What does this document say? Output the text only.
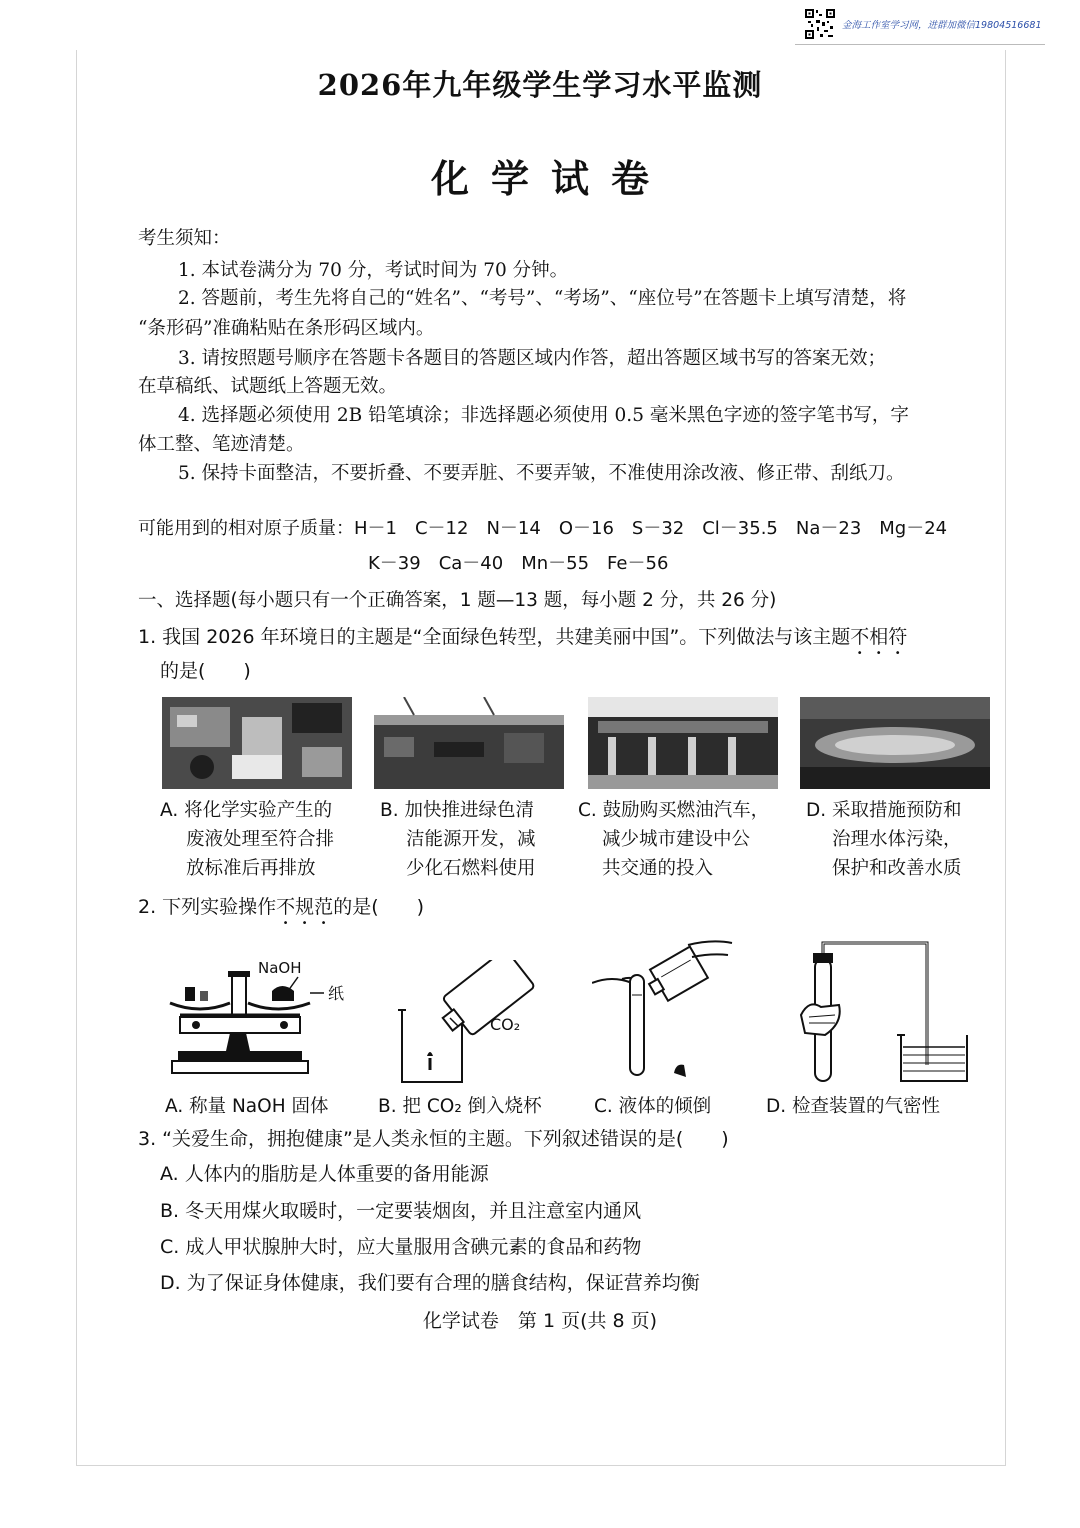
金海工作室学习网，进群加微信19804516681
2026年九年级学生学习水平监测
化学试卷
考生须知：
1. 本试卷满分为 70 分，考试时间为 70 分钟。
2. 答题前，考生先将自己的“姓名”、“考号”、“考场”、“座位号”在答题卡上填写清楚，将
“条形码”准确粘贴在条形码区域内。
3. 请按照题号顺序在答题卡各题目的答题区域内作答，超出答题区域书写的答案无效；
在草稿纸、试题纸上答题无效。
4. 选择题必须使用 2B 铅笔填涂；非选择题必须使用 0.5 毫米黑色字迹的签字笔书写，字
体工整、笔迹清楚。
5. 保持卡面整洁，不要折叠、不要弄脏、不要弄皱，不准使用涂改液、修正带、刮纸刀。
可能用到的相对原子质量：H－1　C－12　N－14　O－16　S－32　Cl－35.5　Na－23　Mg－24
K－39　Ca－40　Mn－55　Fe－56
一、选择题(每小题只有一个正确答案，1 题—13 题，每小题 2 分，共 26 分)
1. 我国 2026 年环境日的主题是“全面绿色转型，共建美丽中国”。下列做法与该主题不相符
的是(　　)
A. 将化学实验产生的
废液处理至符合排
放标准后再排放
B. 加快推进绿色清
洁能源开发，减
少化石燃料使用
C. 鼓励购买燃油汽车，
减少城市建设中公
共交通的投入
D. 采取措施预防和
治理水体污染，
保护和改善水质
2. 下列实验操作不规范的是(　　)
NaOH
纸
CO₂
A. 称量 NaOH 固体	B. 把 CO₂ 倒入烧杯	C. 液体的倾倒	D. 检查装置的气密性
3. “关爱生命，拥抱健康”是人类永恒的主题。下列叙述错误的是(　　)
A. 人体内的脂肪是人体重要的备用能源
B. 冬天用煤火取暖时，一定要装烟囱，并且注意室内通风
C. 成人甲状腺肿大时，应大量服用含碘元素的食品和药物
D. 为了保证身体健康，我们要有合理的膳食结构，保证营养均衡
化学试卷　第 1 页(共 8 页)
